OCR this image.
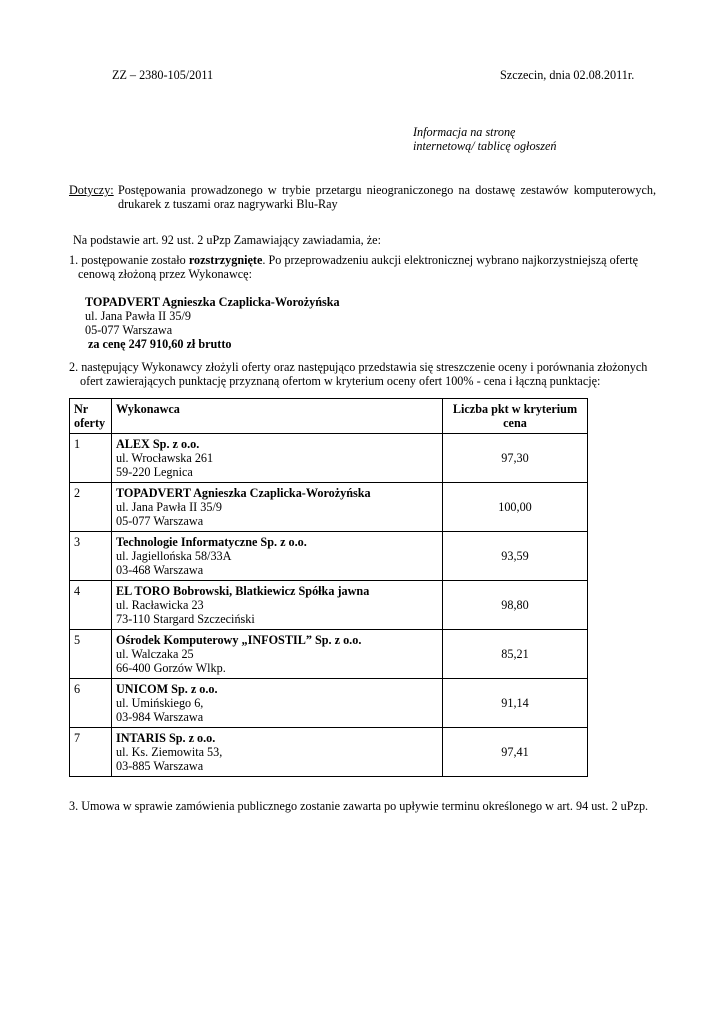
ZZ – 2380-105/2011	Szczecin, dnia 02.08.2011r.
Informacja na stronę
internetową/ tablicę ogłoszeń
Dotyczy: Postępowania prowadzonego w trybie przetargu nieograniczonego na dostawę zestawów komputerowych,
drukarek z tuszami oraz nagrywarki Blu-Ray
Na podstawie art. 92 ust. 2 uPzp Zamawiający zawiadamia, że:
1. postępowanie zostało rozstrzygnięte. Po przeprowadzeniu aukcji elektronicznej wybrano najkorzystniejszą ofertę
cenową złożoną przez Wykonawcę:
TOPADVERT Agnieszka Czaplicka-Worożyńska
ul. Jana Pawła II 35/9
05-077 Warszawa
za cenę 247 910,60 zł brutto
2. następujący Wykonawcy złożyli oferty oraz następująco przedstawia się streszczenie oceny i porównania złożonych
ofert zawierających punktację przyznaną ofertom w kryterium oceny ofert 100% - cena i łączną punktację:
Nr
oferty	Wykonawca	Liczba pkt w kryterium
cena

1	ALEX Sp. z o.o.
ul. Wrocławska 261
59-220 Legnica	97,30
2	TOPADVERT Agnieszka Czaplicka-Worożyńska
ul. Jana Pawła II 35/9
05-077 Warszawa	100,00
3	Technologie Informatyczne Sp. z o.o.
ul. Jagiellońska 58/33A
03-468 Warszawa	93,59
4	EL TORO Bobrowski, Blatkiewicz Spółka jawna
ul. Racławicka 23
73-110 Stargard Szczeciński	98,80
5	Ośrodek Komputerowy „INFOSTIL” Sp. z o.o.
ul. Walczaka 25
66-400 Gorzów Wlkp.	85,21
6	UNICOM Sp. z o.o.
ul. Umińskiego 6,
03-984 Warszawa	91,14
7	INTARIS Sp. z o.o.
ul. Ks. Ziemowita 53,
03-885 Warszawa	97,41
3. Umowa w sprawie zamówienia publicznego zostanie zawarta po upływie terminu określonego w art. 94 ust. 2 uPzp.
